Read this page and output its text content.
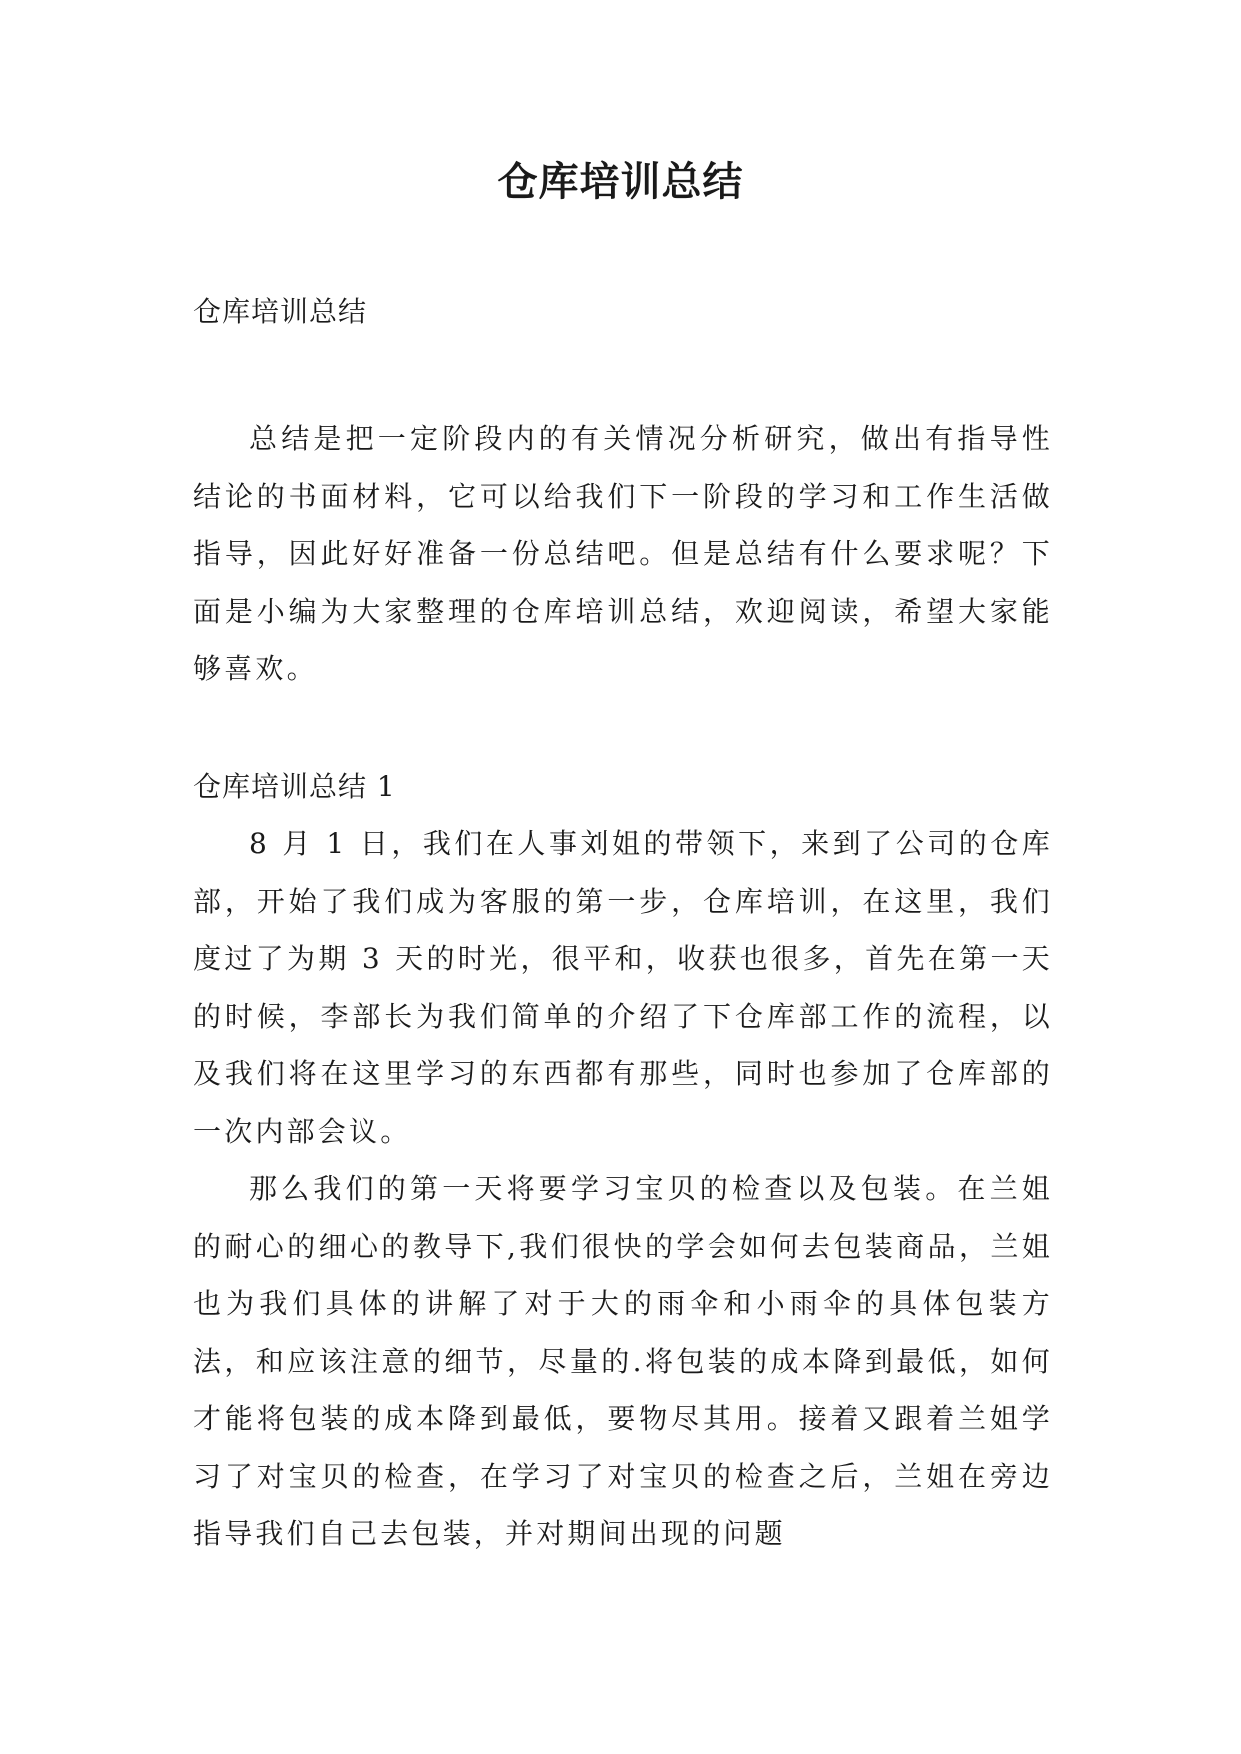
仓库培训总结

仓库培训总结

总结是把一定阶段内的有关情况分析研究，做出有指导性结论的书面材料，它可以给我们下一阶段的学习和工作生活做指导，因此好好准备一份总结吧。但是总结有什么要求呢？下面是小编为大家整理的仓库培训总结，欢迎阅读，希望大家能够喜欢。

仓库培训总结 1

8 月 1 日，我们在人事刘姐的带领下，来到了公司的仓库部，开始了我们成为客服的第一步，仓库培训，在这里，我们度过了为期 3 天的时光，很平和，收获也很多，首先在第一天的时候，李部长为我们简单的介绍了下仓库部工作的流程，以及我们将在这里学习的东西都有那些，同时也参加了仓库部的一次内部会议。

那么我们的第一天将要学习宝贝的检查以及包装。在兰姐的耐心的细心的教导下,我们很快的学会如何去包装商品，兰姐也为我们具体的讲解了对于大的雨伞和小雨伞的具体包装方法，和应该注意的细节，尽量的.将包装的成本降到最低，如何才能将包装的成本降到最低，要物尽其用。接着又跟着兰姐学习了对宝贝的检查，在学习了对宝贝的检查之后，兰姐在旁边指导我们自己去包装，并对期间出现的问题
